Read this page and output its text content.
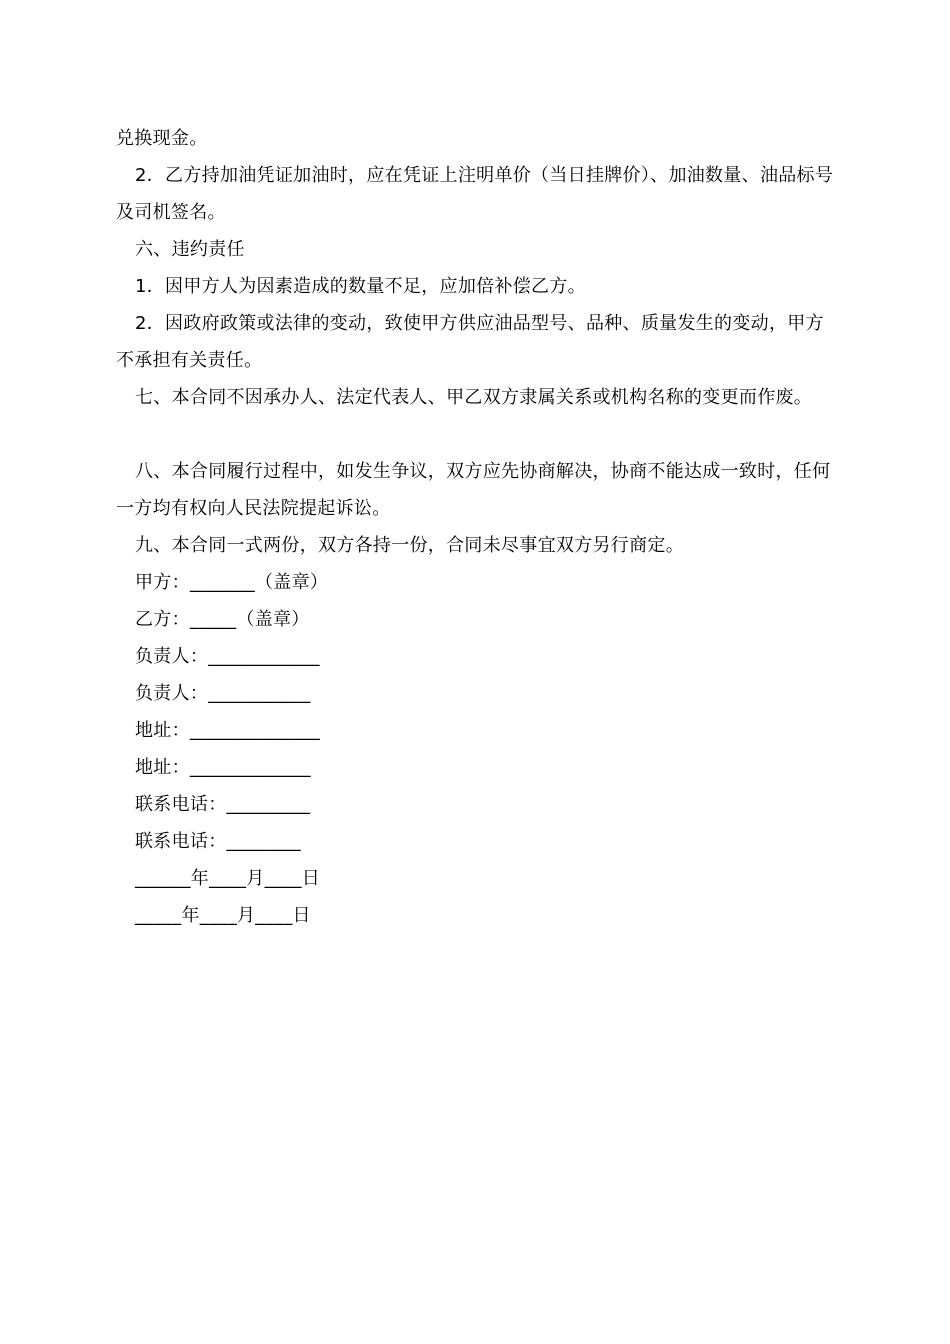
兑换现金。

2．乙方持加油凭证加油时，应在凭证上注明单价（当日挂牌价）、加油数量、油品标号及司机签名。

六、违约责任

1．因甲方人为因素造成的数量不足，应加倍补偿乙方。

2．因政府政策或法律的变动，致使甲方供应油品型号、品种、质量发生的变动，甲方不承担有关责任。

七、本合同不因承办人、法定代表人、甲乙双方隶属关系或机构名称的变更而作废。

八、本合同履行过程中，如发生争议，双方应先协商解决，协商不能达成一致时，任何一方均有权向人民法院提起诉讼。

九、本合同一式两份，双方各持一份，合同未尽事宜双方另行商定。

甲方：_______（盖章）

乙方：_____（盖章）

负责人：____________

负责人：___________

地址：______________

地址：_____________

联系电话：_________

联系电话：________

______年____月____日

_____年____月____日
